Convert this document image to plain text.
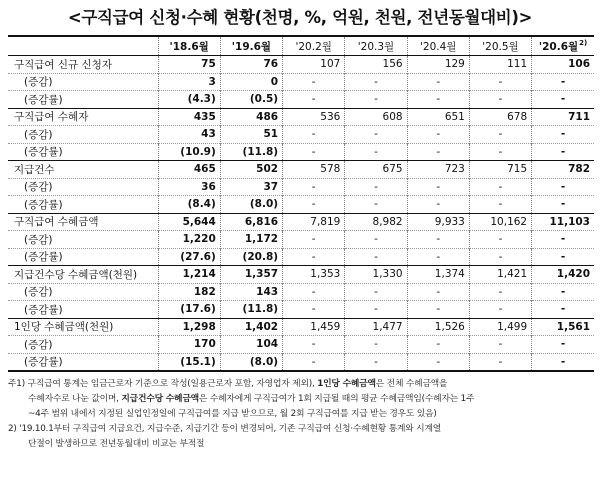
<구직급여 신청·수혜 현황(천명, %, 억원, 천원, 전년동월대비)>
	'18.6월	'19.6월	'20.2월	'20.3월	'20.4월	'20.5월	'20.6월$^{2)}$
구직급여 신규 신청자	75	76	107	156	129	111	106
(증감)	3	0	-	-	-	-	-
(증감률)	(4.3)	(0.5)	-	-	-	-	-
구직급여 수혜자	435	486	536	608	651	678	711
(증감)	43	51	-	-	-	-	-
(증감률)	(10.9)	(11.8)	-	-	-	-	-
지급건수	465	502	578	675	723	715	782
(증감)	36	37	-	-	-	-	-
(증감률)	(8.4)	(8.0)	-	-	-	-	-
구직급여 수혜금액	5,644	6,816	7,819	8,982	9,933	10,162	11,103
(증감)	1,220	1,172	-	-	-	-	-
(증감률)	(27.6)	(20.8)	-	-	-	-	-
지급건수당 수혜금액(천원)	1,214	1,357	1,353	1,330	1,374	1,421	1,420
(증감)	182	143	-	-	-	-	-
(증감률)	(17.6)	(11.8)	-	-	-	-	-
1인당 수혜금액(천원)	1,298	1,402	1,459	1,477	1,526	1,499	1,561
(증감)	170	104	-	-	-	-	-
(증감률)	(15.1)	(8.0)	-	-	-	-	-
주1) 구직급여 통계는 임금근로자 기준으로 작성(일용근로자 포함, 자영업자 제외), 1인당 수혜금액은 전체 수혜금액을
수혜자수로 나눈 값이며, 지급건수당 수혜금액은 수혜자에게 구직급여가 1회 지급될 때의 평균 수혜금액임(수혜자는 1주
~4주 범위 내에서 지정된 실업인정일에 구직급여를 지급 받으므로, 월 2회 구직급여를 지급 받는 경우도 있음)
2) '19.10.1부터 구직급여 지급요건, 지급수준, 지급기간 등이 변경되어, 기존 구직급여 신청·수혜현황 통계와 시계열
단절이 발생하므로 전년동월대비 비교는 부적절
